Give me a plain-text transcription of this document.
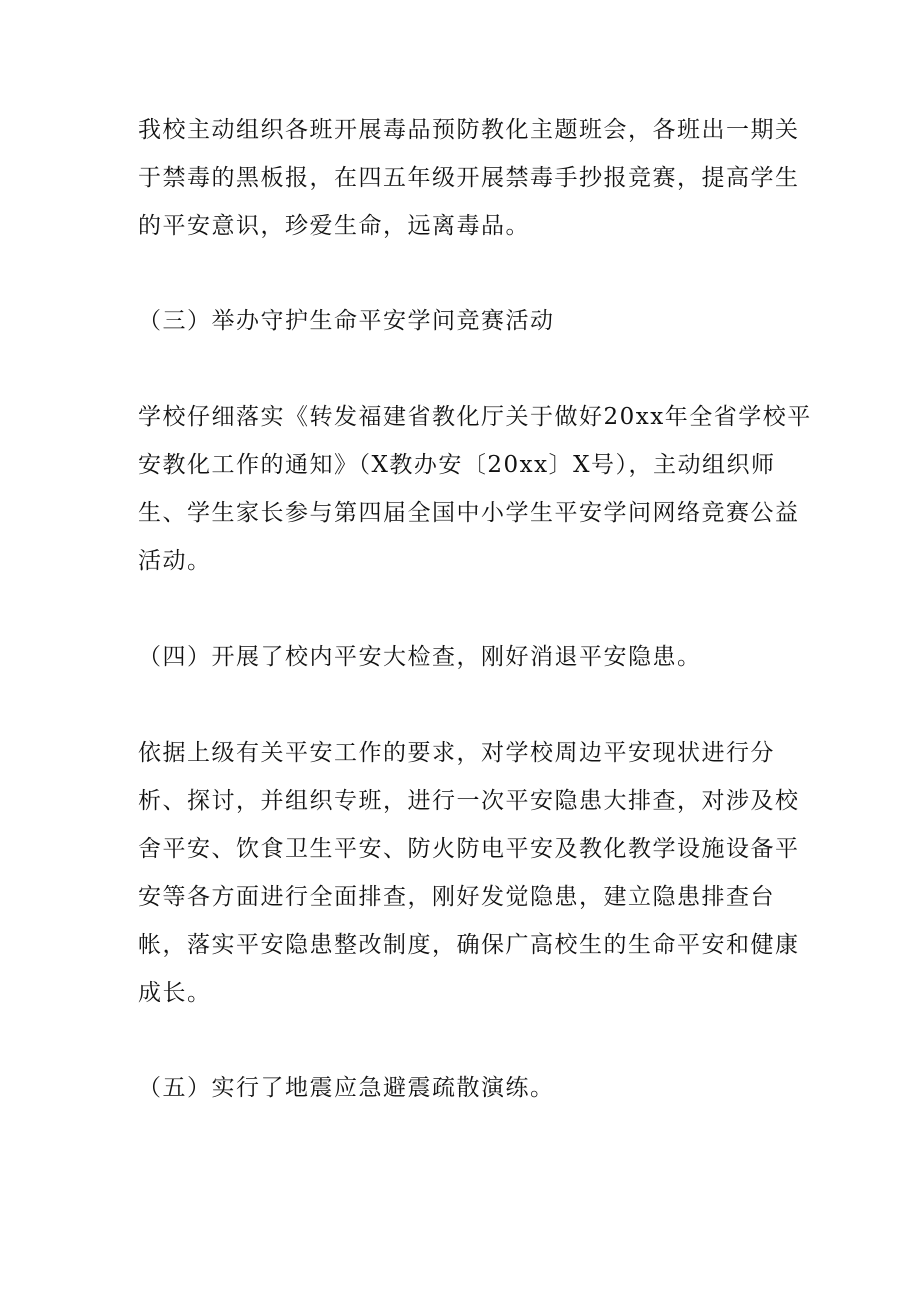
我校主动组织各班开展毒品预防教化主题班会，各班出一期关

于禁毒的黑板报，在四五年级开展禁毒手抄报竞赛，提高学生

的平安意识，珍爱生命，远离毒品。

（三）举办守护生命平安学问竞赛活动

学校仔细落实《转发福建省教化厅关于做好20xx年全省学校平

安教化工作的通知》（X教办安〔20xx〕X号），主动组织师

生、学生家长参与第四届全国中小学生平安学问网络竞赛公益

活动。

（四）开展了校内平安大检查，刚好消退平安隐患。

依据上级有关平安工作的要求，对学校周边平安现状进行分

析、探讨，并组织专班，进行一次平安隐患大排查，对涉及校

舍平安、饮食卫生平安、防火防电平安及教化教学设施设备平

安等各方面进行全面排查，刚好发觉隐患，建立隐患排查台

帐，落实平安隐患整改制度，确保广高校生的生命平安和健康

成长。

（五）实行了地震应急避震疏散演练。
